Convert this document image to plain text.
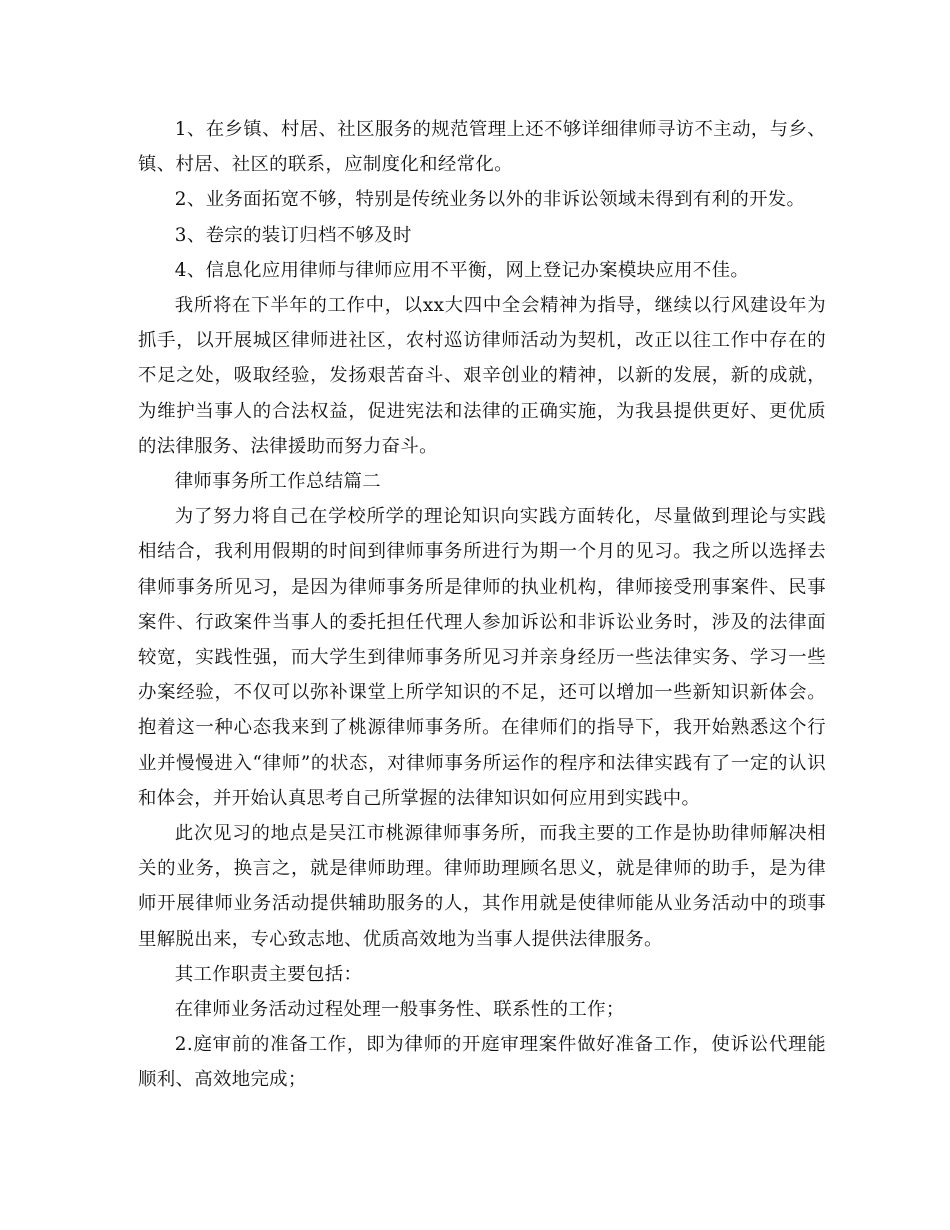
1、在乡镇、村居、社区服务的规范管理上还不够详细律师寻访不主动，与乡、镇、村居、社区的联系，应制度化和经常化。

2、业务面拓宽不够，特别是传统业务以外的非诉讼领域未得到有利的开发。

3、卷宗的装订归档不够及时

4、信息化应用律师与律师应用不平衡，网上登记办案模块应用不佳。

我所将在下半年的工作中，以xx大四中全会精神为指导，继续以行风建设年为抓手，以开展城区律师进社区，农村巡访律师活动为契机，改正以往工作中存在的不足之处，吸取经验，发扬艰苦奋斗、艰辛创业的精神，以新的发展，新的成就，为维护当事人的合法权益，促进宪法和法律的正确实施，为我县提供更好、更优质的法律服务、法律援助而努力奋斗。

律师事务所工作总结篇二

为了努力将自己在学校所学的理论知识向实践方面转化，尽量做到理论与实践相结合，我利用假期的时间到律师事务所进行为期一个月的见习。我之所以选择去律师事务所见习，是因为律师事务所是律师的执业机构，律师接受刑事案件、民事案件、行政案件当事人的委托担任代理人参加诉讼和非诉讼业务时，涉及的法律面较宽，实践性强，而大学生到律师事务所见习并亲身经历一些法律实务、学习一些办案经验，不仅可以弥补课堂上所学知识的不足，还可以增加一些新知识新体会。抱着这一种心态我来到了桃源律师事务所。在律师们的指导下，我开始熟悉这个行业并慢慢进入“律师”的状态，对律师事务所运作的程序和法律实践有了一定的认识和体会，并开始认真思考自己所掌握的法律知识如何应用到实践中。

此次见习的地点是吴江市桃源律师事务所，而我主要的工作是协助律师解决相关的业务，换言之，就是律师助理。律师助理顾名思义，就是律师的助手，是为律师开展律师业务活动提供辅助服务的人，其作用就是使律师能从业务活动中的琐事里解脱出来，专心致志地、优质高效地为当事人提供法律服务。

其工作职责主要包括：

在律师业务活动过程处理一般事务性、联系性的工作；

2.庭审前的准备工作，即为律师的开庭审理案件做好准备工作，使诉讼代理能顺利、高效地完成；
